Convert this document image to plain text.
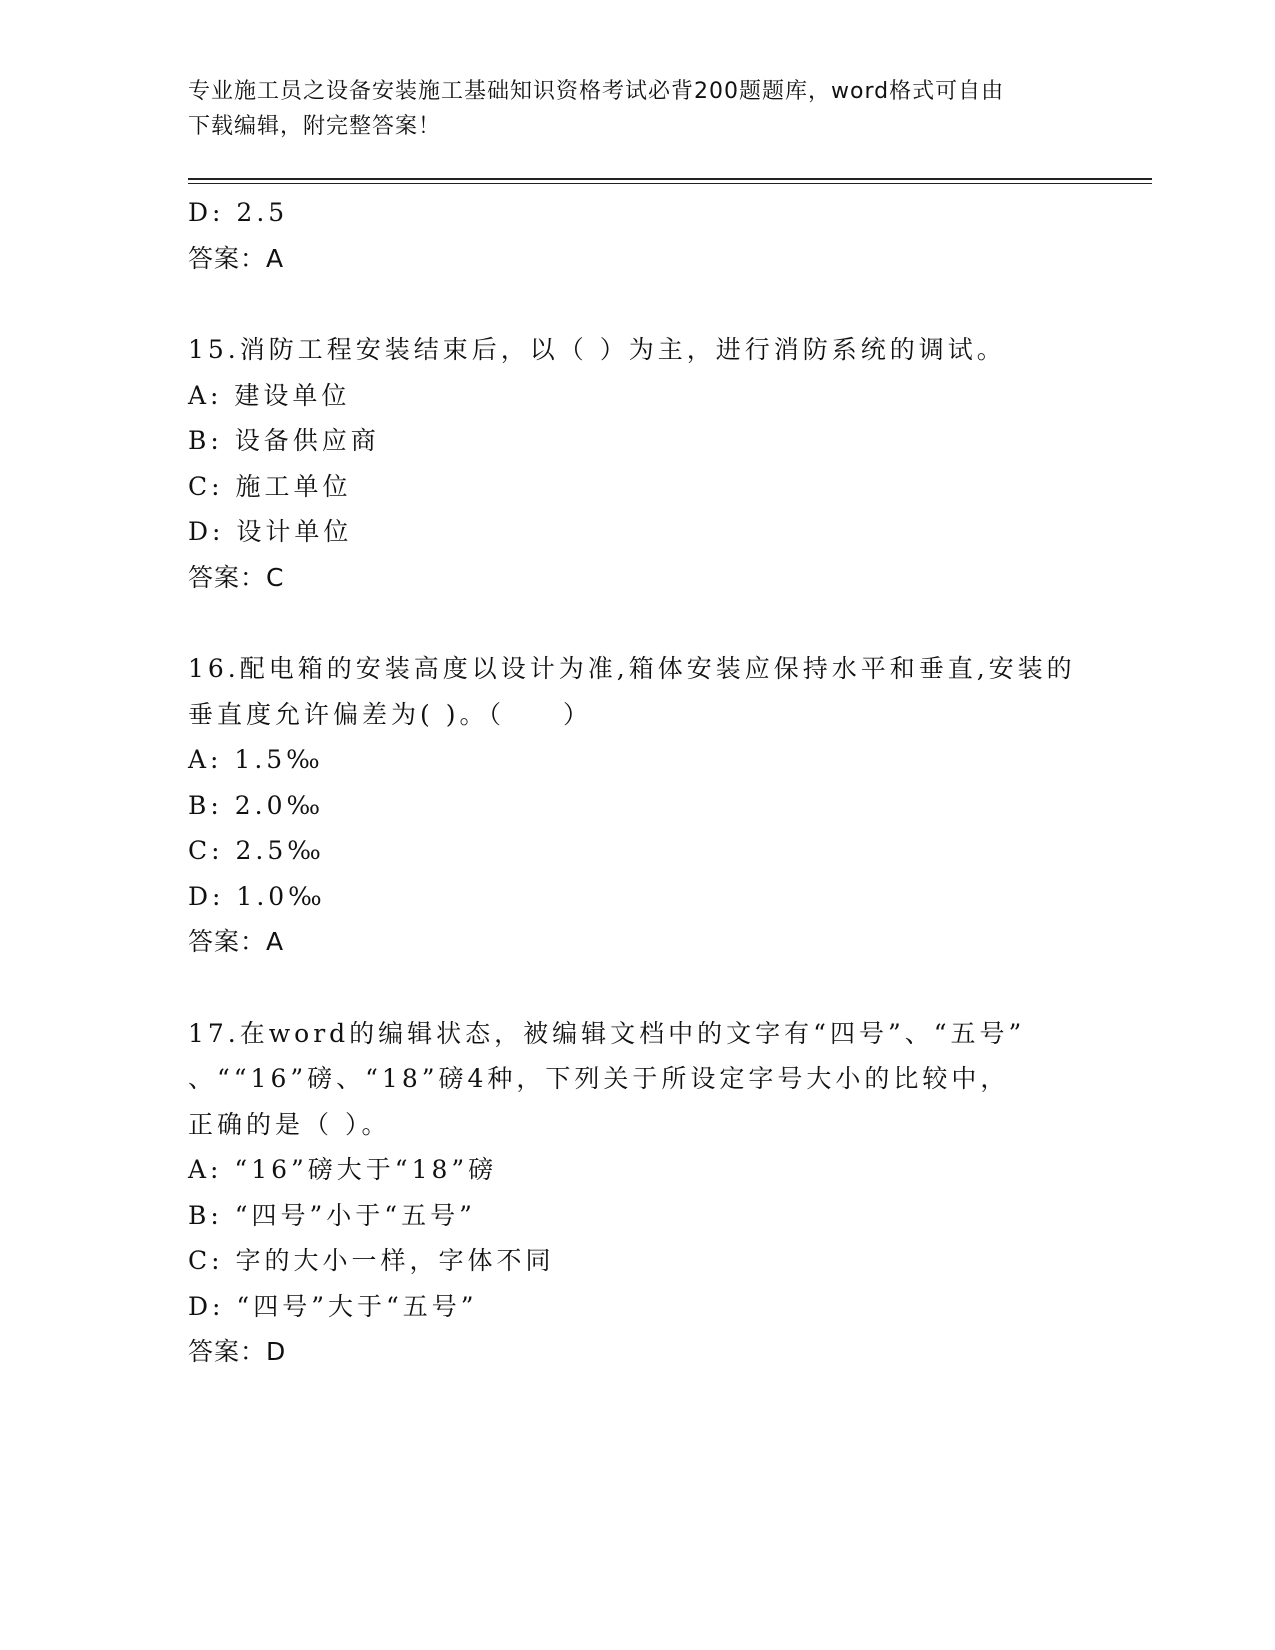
专业施工员之设备安装施工基础知识资格考试必背200题题库，word格式可自由
下载编辑，附完整答案！
D: 2.5
答案：A
15.消防工程安装结束后，以（ ）为主，进行消防系统的调试。
A: 建设单位
B: 设备供应商
C: 施工单位
D: 设计单位
答案：C
16.配电箱的安装高度以设计为准,箱体安装应保持水平和垂直,安装的
垂直度允许偏差为( )。（　　）
A: 1.5‰
B: 2.0‰
C: 2.5‰
D: 1.0‰
答案：A
17.在word的编辑状态，被编辑文档中的文字有“四号”、“五号”
、““16”磅、“18”磅4种，下列关于所设定字号大小的比较中，
正确的是（ ）。
A: “16”磅大于“18”磅
B: “四号”小于“五号”
C: 字的大小一样，字体不同
D: “四号”大于“五号”
答案：D
